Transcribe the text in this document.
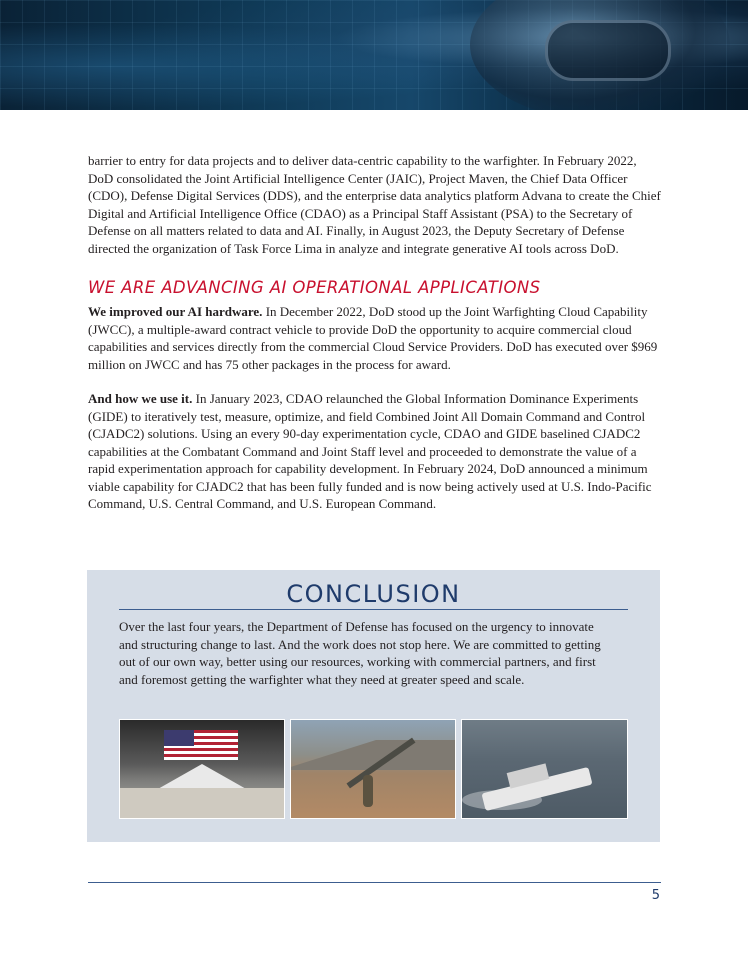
barrier to entry for data projects and to deliver data-centric capability to the warfighter. In February 2022, DoD consolidated the Joint Artificial Intelligence Center (JAIC), Project Maven, the Chief Data Officer (CDO), Defense Digital Services (DDS), and the enterprise data analytics platform Advana to create the Chief Digital and Artificial Intelligence Office (CDAO) as a Principal Staff Assistant (PSA) to the Secretary of Defense on all matters related to data and AI. Finally, in August 2023, the Deputy Secretary of Defense directed the organization of Task Force Lima in analyze and integrate generative AI tools across DoD.

WE ARE ADVANCING AI OPERATIONAL APPLICATIONS

We improved our AI hardware. In December 2022, DoD stood up the Joint Warfighting Cloud Capability (JWCC), a multiple-award contract vehicle to provide DoD the opportunity to acquire commercial cloud capabilities and services directly from the commercial Cloud Service Providers. DoD has executed over $969 million on JWCC and has 75 other packages in the process for award.

And how we use it. In January 2023, CDAO relaunched the Global Information Dominance Experiments (GIDE) to iteratively test, measure, optimize, and field Combined Joint All Domain Command and Control (CJADC2) solutions. Using an every 90-day experimentation cycle, CDAO and GIDE baselined CJADC2 capabilities at the Combatant Command and Joint Staff level and proceeded to demonstrate the value of a rapid experimentation approach for capability development. In February 2024, DoD announced a minimum viable capability for CJADC2 that has been fully funded and is now being actively used at U.S. Indo-Pacific Command, U.S. Central Command, and U.S. European Command.

CONCLUSION

Over the last four years, the Department of Defense has focused on the urgency to innovate and structuring change to last. And the work does not stop here. We are committed to getting out of our own way, better using our resources, working with commercial partners, and first and foremost getting the warfighter what they need at greater speed and scale.

5
